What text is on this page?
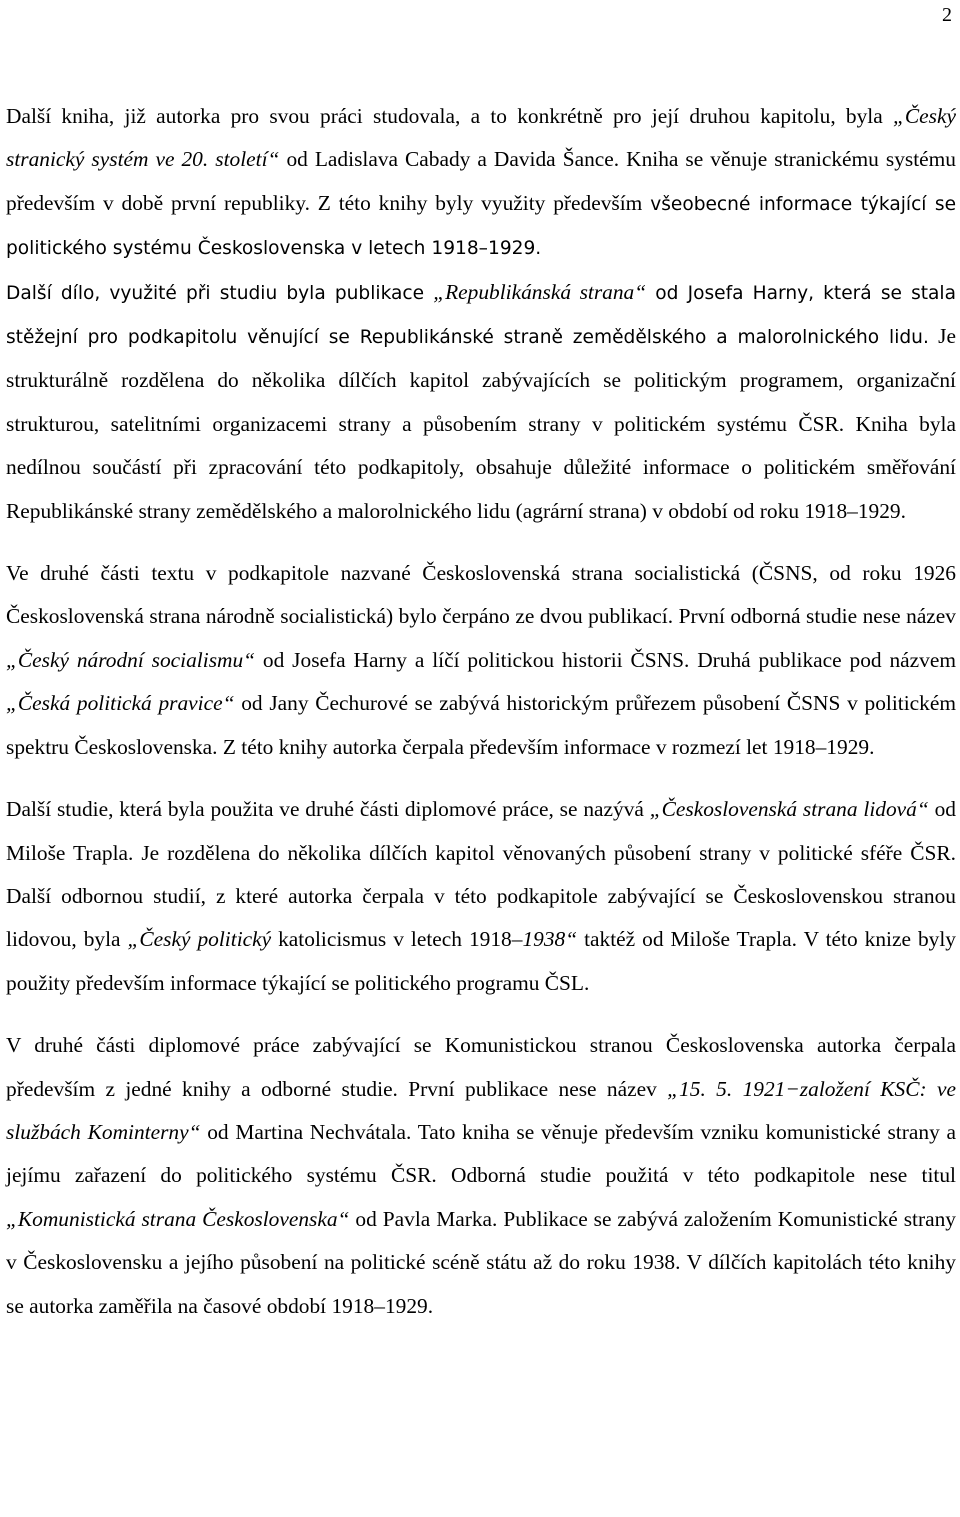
2

Další kniha, již autorka pro svou práci studovala, a to konkrétně pro její druhou kapitolu, byla „Český stranický systém ve 20. století“ od Ladislava Cabady a Davida Šance. Kniha se věnuje stranickému systému především v době první republiky. Z této knihy byly využity především všeobecné informace týkající se politického systému Československa v letech 1918–1929.

Další dílo, využité při studiu byla publikace „Republikánská strana“ od Josefa Harny, která se stala stěžejní pro podkapitolu věnující se Republikánské straně zemědělského a malorolnického lidu. Je strukturálně rozdělena do několika dílčích kapitol zabývajících se politickým programem, organizační strukturou, satelitními organizacemi strany a působením strany v politickém systému ČSR. Kniha byla nedílnou součástí při zpracování této podkapitoly, obsahuje důležité informace o politickém směřování Republikánské strany zemědělského a malorolnického lidu (agrární strana) v období od roku 1918–1929.

Ve druhé části textu v podkapitole nazvané Československá strana socialistická (ČSNS, od roku 1926 Československá strana národně socialistická) bylo čerpáno ze dvou publikací. První odborná studie nese název „Český národní socialismu“ od Josefa Harny a líčí politickou historii ČSNS. Druhá publikace pod názvem „Česká politická pravice“ od Jany Čechurové se zabývá historickým průřezem působení ČSNS v politickém spektru Československa. Z této knihy autorka čerpala především informace v rozmezí let 1918–1929.

Další studie, která byla použita ve druhé části diplomové práce, se nazývá „Československá strana lidová“ od Miloše Trapla. Je rozdělena do několika dílčích kapitol věnovaných působení strany v politické sféře ČSR. Další odbornou studií, z které autorka čerpala v této podkapitole zabývající se Československou stranou lidovou, byla „Český politický katolicismus v letech 1918–1938“ taktéž od Miloše Trapla. V této knize byly použity především informace týkající se politického programu ČSL.

V druhé části diplomové práce zabývající se Komunistickou stranou Československa autorka čerpala především z jedné knihy a odborné studie. První publikace nese název „15. 5. 1921−založení KSČ: ve službách Kominterny“ od Martina Nechvátala. Tato kniha se věnuje především vzniku komunistické strany a jejímu zařazení do politického systému ČSR. Odborná studie použitá v této podkapitole nese titul „Komunistická strana Československa“ od Pavla Marka. Publikace se zabývá založením Komunistické strany v Československu a jejího působení na politické scéně státu až do roku 1938. V dílčích kapitolách této knihy se autorka zaměřila na časové období 1918–1929.
